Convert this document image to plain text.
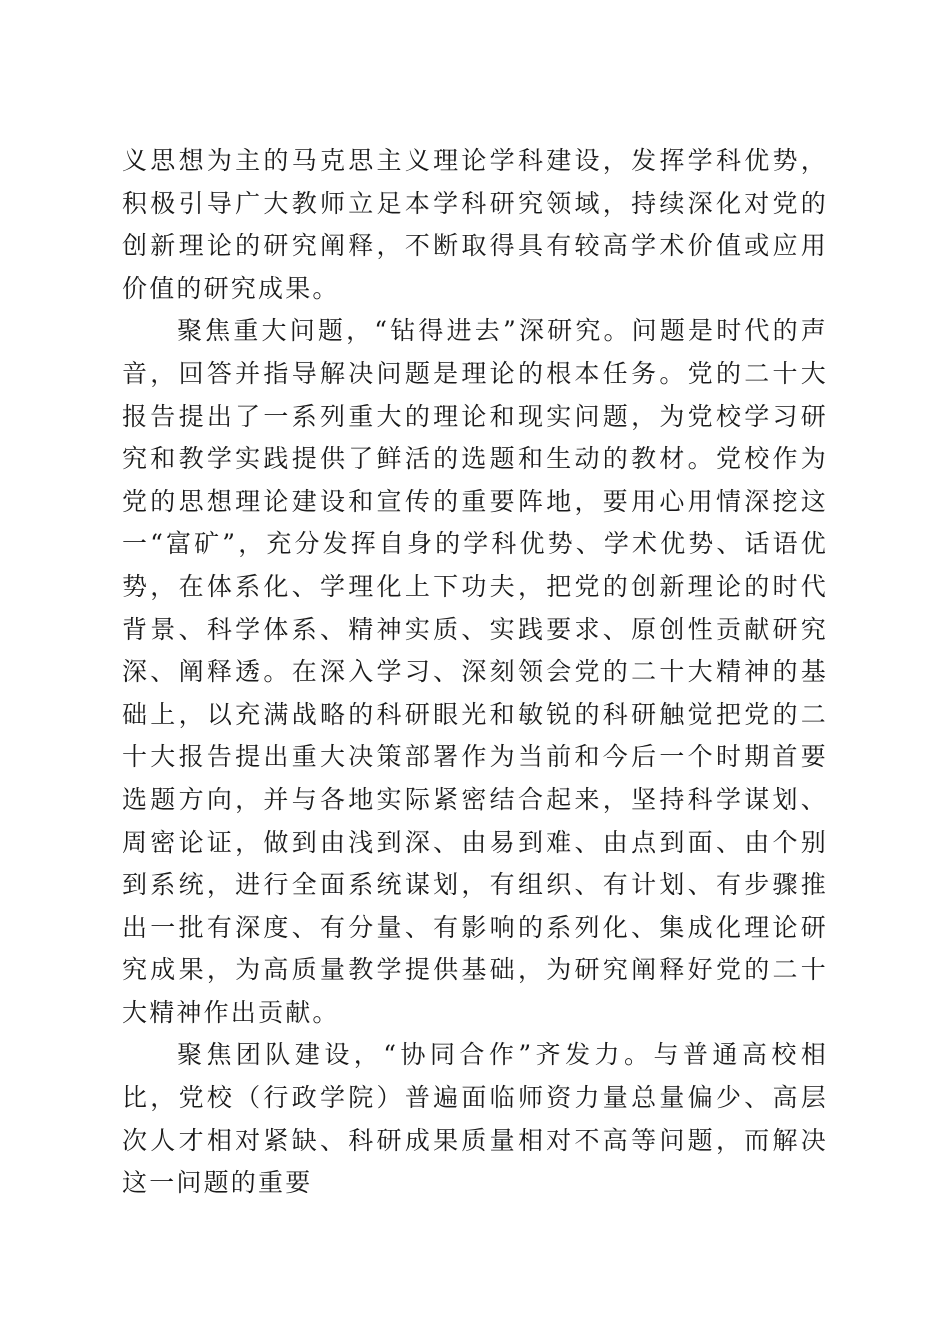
义思想为主的马克思主义理论学科建设，发挥学科优势，积极引导广大教师立足本学科研究领域，持续深化对党的创新理论的研究阐释，不断取得具有较高学术价值或应用价值的研究成果。

聚焦重大问题，“钻得进去”深研究。问题是时代的声音，回答并指导解决问题是理论的根本任务。党的二十大报告提出了一系列重大的理论和现实问题，为党校学习研究和教学实践提供了鲜活的选题和生动的教材。党校作为党的思想理论建设和宣传的重要阵地，要用心用情深挖这一“富矿”，充分发挥自身的学科优势、学术优势、话语优势，在体系化、学理化上下功夫，把党的创新理论的时代背景、科学体系、精神实质、实践要求、原创性贡献研究深、阐释透。在深入学习、深刻领会党的二十大精神的基础上，以充满战略的科研眼光和敏锐的科研触觉把党的二十大报告提出重大决策部署作为当前和今后一个时期首要选题方向，并与各地实际紧密结合起来，坚持科学谋划、周密论证，做到由浅到深、由易到难、由点到面、由个别到系统，进行全面系统谋划，有组织、有计划、有步骤推出一批有深度、有分量、有影响的系列化、集成化理论研究成果，为高质量教学提供基础，为研究阐释好党的二十大精神作出贡献。

聚焦团队建设，“协同合作”齐发力。与普通高校相比，党校（行政学院）普遍面临师资力量总量偏少、高层次人才相对紧缺、科研成果质量相对不高等问题，而解决这一问题的重要
